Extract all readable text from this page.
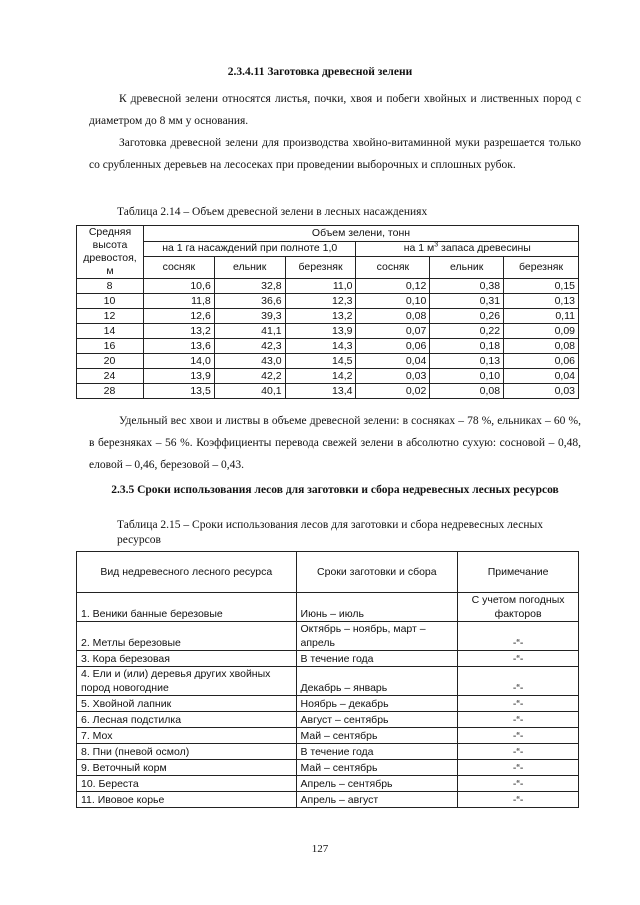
2.3.4.11 Заготовка древесной зелени

К древесной зелени относятся листья, почки, хвоя и побеги хвойных и лиственных пород с диаметром до 8 мм у основания.

Заготовка древесной зелени для производства хвойно-витаминной муки разрешается только со срубленных деревьев на лесосеках при проведении выборочных и сплошных рубок.

Таблица 2.14 – Объем древесной зелени в лесных насаждениях

Средняя высота древостоя, м	Объем зелени, тонн					
	на 1 га насаждений при полноте 1,0			на 1 $м^3$ запаса древесины		
	сосняк	ельник	березняк	сосняк	ельник	березняк
8	10,6	32,8	11,0	0,12	0,38	0,15
10	11,8	36,6	12,3	0,10	0,31	0,13
12	12,6	39,3	13,2	0,08	0,26	0,11
14	13,2	41,1	13,9	0,07	0,22	0,09
16	13,6	42,3	14,3	0,06	0,18	0,08
20	14,0	43,0	14,5	0,04	0,13	0,06
24	13,9	42,2	14,2	0,03	0,10	0,04
28	13,5	40,1	13,4	0,02	0,08	0,03

Удельный вес хвои и листвы в объеме древесной зелени: в сосняках – 78 %, ельниках – 60 %, в березняках – 56 %. Коэффициенты перевода свежей зелени в абсолютно сухую: сосновой – 0,48, еловой – 0,46, березовой – 0,43.

2.3.5 Сроки использования лесов для заготовки и сбора недревесных лесных ресурсов

Таблица 2.15 – Сроки использования лесов для заготовки и сбора недревесных лесных ресурсов

Вид недревесного лесного ресурса	Сроки заготовки и сбора	Примечание
1. Веники банные березовые	Июнь – июль	С учетом погодных факторов
2. Метлы березовые	Октябрь – ноябрь, март – апрель	-“-
3. Кора березовая	В течение года	-“-
4. Ели и (или) деревья других хвойных пород новогодние	Декабрь – январь	-“-
5. Хвойной лапник	Ноябрь – декабрь	-“-
6. Лесная подстилка	Август – сентябрь	-“-
7. Мох	Май – сентябрь	-“-
8. Пни (пневой осмол)	В течение года	-“-
9. Веточный корм	Май – сентябрь	-“-
10. Береста	Апрель – сентябрь	-“-
11. Ивовое корье	Апрель – август	-“-
127
